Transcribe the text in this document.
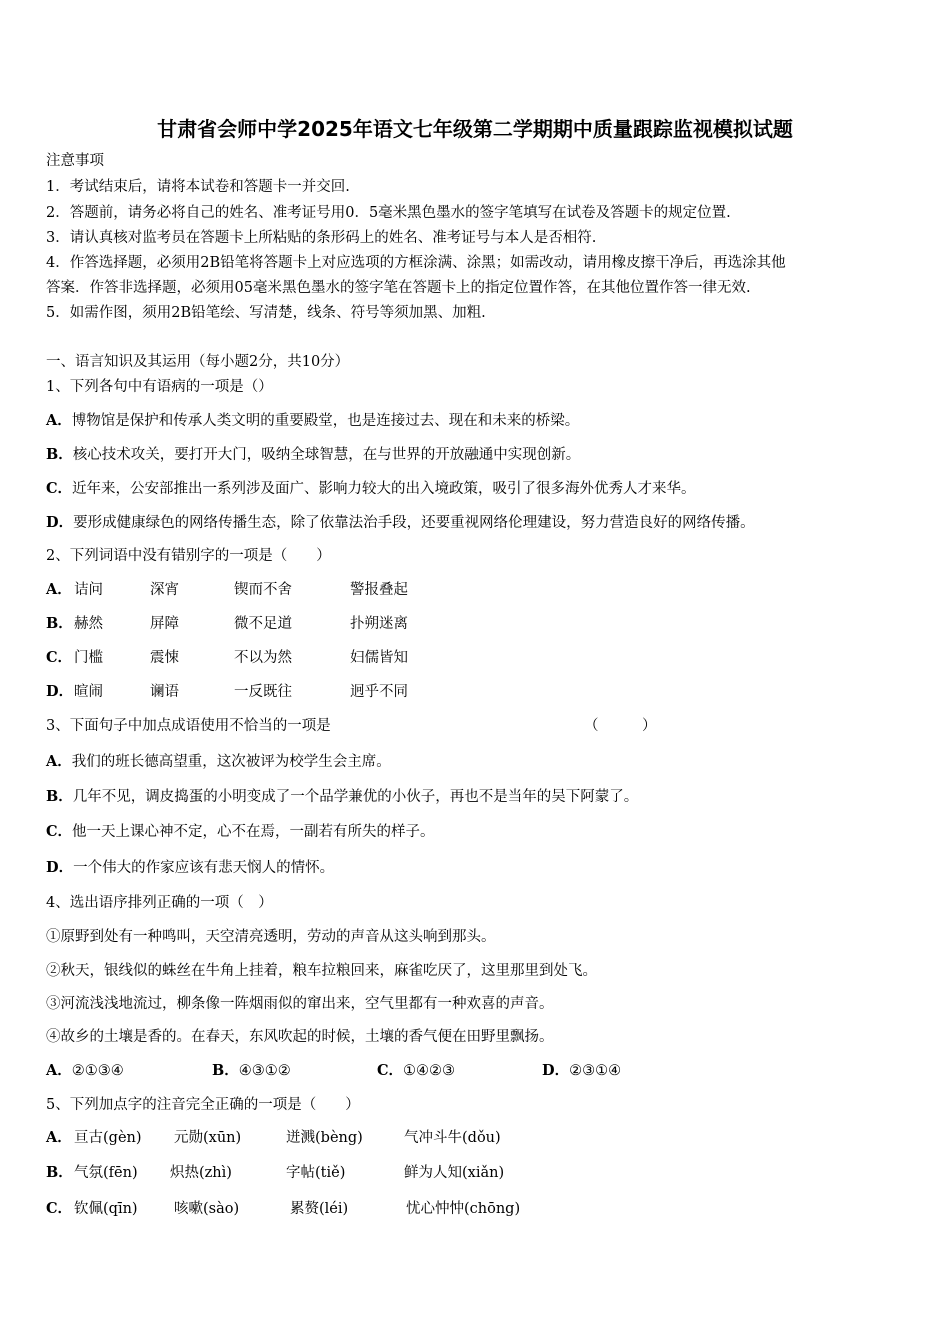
甘肃省会师中学2025年语文七年级第二学期期中质量跟踪监视模拟试题
注意事项
1．考试结束后，请将本试卷和答题卡一并交回.
2．答题前，请务必将自己的姓名、准考证号用0．5毫米黑色墨水的签字笔填写在试卷及答题卡的规定位置.
3．请认真核对监考员在答题卡上所粘贴的条形码上的姓名、准考证号与本人是否相符.
4．作答选择题，必须用2B铅笔将答题卡上对应选项的方框涂满、涂黑；如需改动，请用橡皮擦干净后，再选涂其他
答案．作答非选择题，必须用05毫米黑色墨水的签字笔在答题卡上的指定位置作答，在其他位置作答一律无效.
5．如需作图，须用2B铅笔绘、写清楚，线条、符号等须加黑、加粗.
一、语言知识及其运用（每小题2分，共10分）
1、下列各句中有语病的一项是（）
A．博物馆是保护和传承人类文明的重要殿堂，也是连接过去、现在和未来的桥梁。
B．核心技术攻关，要打开大门，吸纳全球智慧，在与世界的开放融通中实现创新。
C．近年来，公安部推出一系列涉及面广、影响力较大的出入境政策，吸引了很多海外优秀人才来华。
D．要形成健康绿色的网络传播生态，除了依靠法治手段，还要重视网络伦理建设，努力营造良好的网络传播。
2、下列词语中没有错别字的一项是（　　）
A． 诘问	深宵	锲而不舍	警报叠起
B． 赫然	屏障	微不足道	扑朔迷离
C． 门槛	震悚	不以为然	妇儒皆知
D． 暄闹	谰语	一反既往	迥乎不同
3、下面句子中加点成语使用不恰当的一项是	（　　　）
A．我们的班长德高望重，这次被评为校学生会主席。
B．几年不见，调皮捣蛋的小明变成了一个品学兼优的小伙子，再也不是当年的吴下阿蒙了。
C．他一天上课心神不定，心不在焉，一副若有所失的样子。
D．一个伟大的作家应该有悲天悯人的情怀。
4、选出语序排列正确的一项（　）
①原野到处有一种鸣叫，天空清亮透明，劳动的声音从这头响到那头。
②秋天，银线似的蛛丝在牛角上挂着，粮车拉粮回来，麻雀吃厌了，这里那里到处飞。
③河流浅浅地流过，柳条像一阵烟雨似的窜出来，空气里都有一种欢喜的声音。
④故乡的土壤是香的。在春天，东风吹起的时候，土壤的香气便在田野里飘扬。
A．②①③④	B．④③①②	C．①④②③	D．②③①④
5、下列加点字的注音完全正确的一项是（　　）
A． 亘古(gèn) 元勋(xūn)	迸溅(bèng)	气冲斗牛(dǒu)
B． 气氛(fēn) 炽热(zhì)	字帖(tiě)	鲜为人知(xiǎn)
C． 钦佩(qīn)	咳嗽(sào)	累赘(léi)	忧心忡忡(chōng)
